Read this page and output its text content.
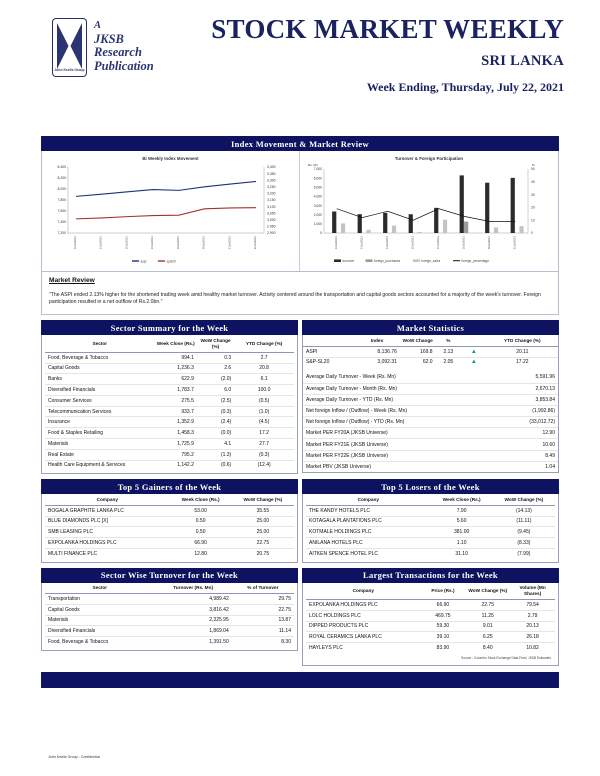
John Keells Group
A
JKSB
Research
Publication
STOCK MARKET WEEKLY
SRI LANKA
Week Ending, Thursday, July 22, 2021
Index Movement & Market Review
Bi Weekly Index Movement
8,400
8,200
8,000
7,800
7,600
7,400
7,200
3,400
3,350
3,300
3,250
3,200
3,150
3,100
3,050
3,000
2,950
2,900
12Jul2021	13Jul2021	15Jul2021	16Jul2021	19Jul2021	20Jul2021	21Jul2021	22Jul2021
aspi	spsl20
Turnover & Foreign Participation
Rs. Mn	%
7,000
6,000
5,000
4,000
3,000
2,000
1,000
0
50
40
30
20
10
0
12Jul2021	13Jul2021	14Jul2021	15Jul2021	16Jul2021	19Jul2021	20Jul2021	22Jul2021
turnover	foreign_purchases	foreign_sales	foreign_percentage
Market Review
"The ASPI ended 2.13% higher for the shortened trading week amid healthy market turnover. Activity centered around the transportation and capital goods sectors accounted for a majority of the week's turnover. Foreign participation resulted in a net outflow of Rs.2.0bn."
Sector Summary for the Week
Sector	Week Close (Rs.)	WoW Change (%)	YTD Change (%)
Food, Beverage & Tobacco	994.1	0.3	2.7
Capital Goods	1,236.3	2.6	20.8
Banks	622.9	(2.0)	6.1
Diversified Financials	1,783.7	6.0	100.0
Consumer Services	275.5	(2.5)	(0.5)
Telecommunication Services	933.7	(0.3)	(1.0)
Insurance	1,352.9	(2.4)	(4.5)
Food & Staples Retailing	1,458.3	(0.0)	17.2
Materials	1,725.9	4.1	27.7
Real Estate	795.2	(1.3)	(0.3)
Health Care Equipment & Services	1,142.2	(0.6)	(12.4)
Market Statistics
	Index	WoW Change	%		YTD Change (%)
ASPI	8,136.76	169.8	2.13	▲	20.11
S&P-SL20	3,092.31	62.0	2.05	▲	17.22
Average Daily Turnover - Week (Rs. Mn)	5,591.96
Average Daily Turnover - Month (Rs. Mn)	2,670.13
Average Daily Turnover - YTD (Rs. Mn)	3,853.84
Net foreign Inflow / (Outflow) - Week (Rs. Mn)	(1,992.86)
Net foreign Inflow / (Outflow) - YTD (Rs. Mn)	(33,012.72)
Market PER FY20A (JKSB Universe)	12.90
Market PER FY21E (JKSB Universe)	10.60
Market PER FY22E (JKSB Universe)	8.49
Market PBV (JKSB Universe)	1.04
Top 5 Gainers of the Week
Company	Week Close (Rs.)	WoW Change (%)
BOGALA GRAPHITE LANKA PLC	53.00	35.55
BLUE DIAMONDS PLC [X]	0.50	25.00
SMB LEASING PLC	0.50	25.00
EXPOLANKA HOLDINGS PLC	66.90	22.75
MULTI FINANCE PLC	12.80	20.75
Top 5 Losers of the Week
Company	Week Close (Rs.)	WoW Change (%)
THE KANDY HOTELS PLC	7.90	(14.13)
KOTAGALA PLANTATIONS PLC	5.60	(11.11)
KOTMALE HOLDINGS PLC	381.00	(9.45)
ANILANA HOTELS PLC	1.10	(8.33)
AITKEN SPENCE HOTEL PLC	31.10	(7.99)
Sector Wise Turnover for the Week
Sector	Turnover (Rs. Mn)	% of Turnover
Transportation	4,989.42	29.75
Capital Goods	3,816.42	22.75
Materials	2,325.95	13.87
Diversified Financials	1,869.04	11.14
Food, Beverage & Tobacco	1,391.50	8.30
Largest Transactions for the Week
Company	Price (Rs.)	WoW Change (%)	Volume (Mn Shares)
EXPOLANKA HOLDINGS PLC	66.90	22.75	79.54
LOLC HOLDINGS PLC	469.75	11.25	2.79
DIPPED PRODUCTS PLC	59.30	9.01	20.13
ROYAL CERAMICS LANKA PLC	39.10	6.25	26.18
HAYLEYS PLC	83.90	8.40	10.82
Source : Colombo Stock Exchange Data Feed, JKSB Estimates
John Keells Group - Confidential
